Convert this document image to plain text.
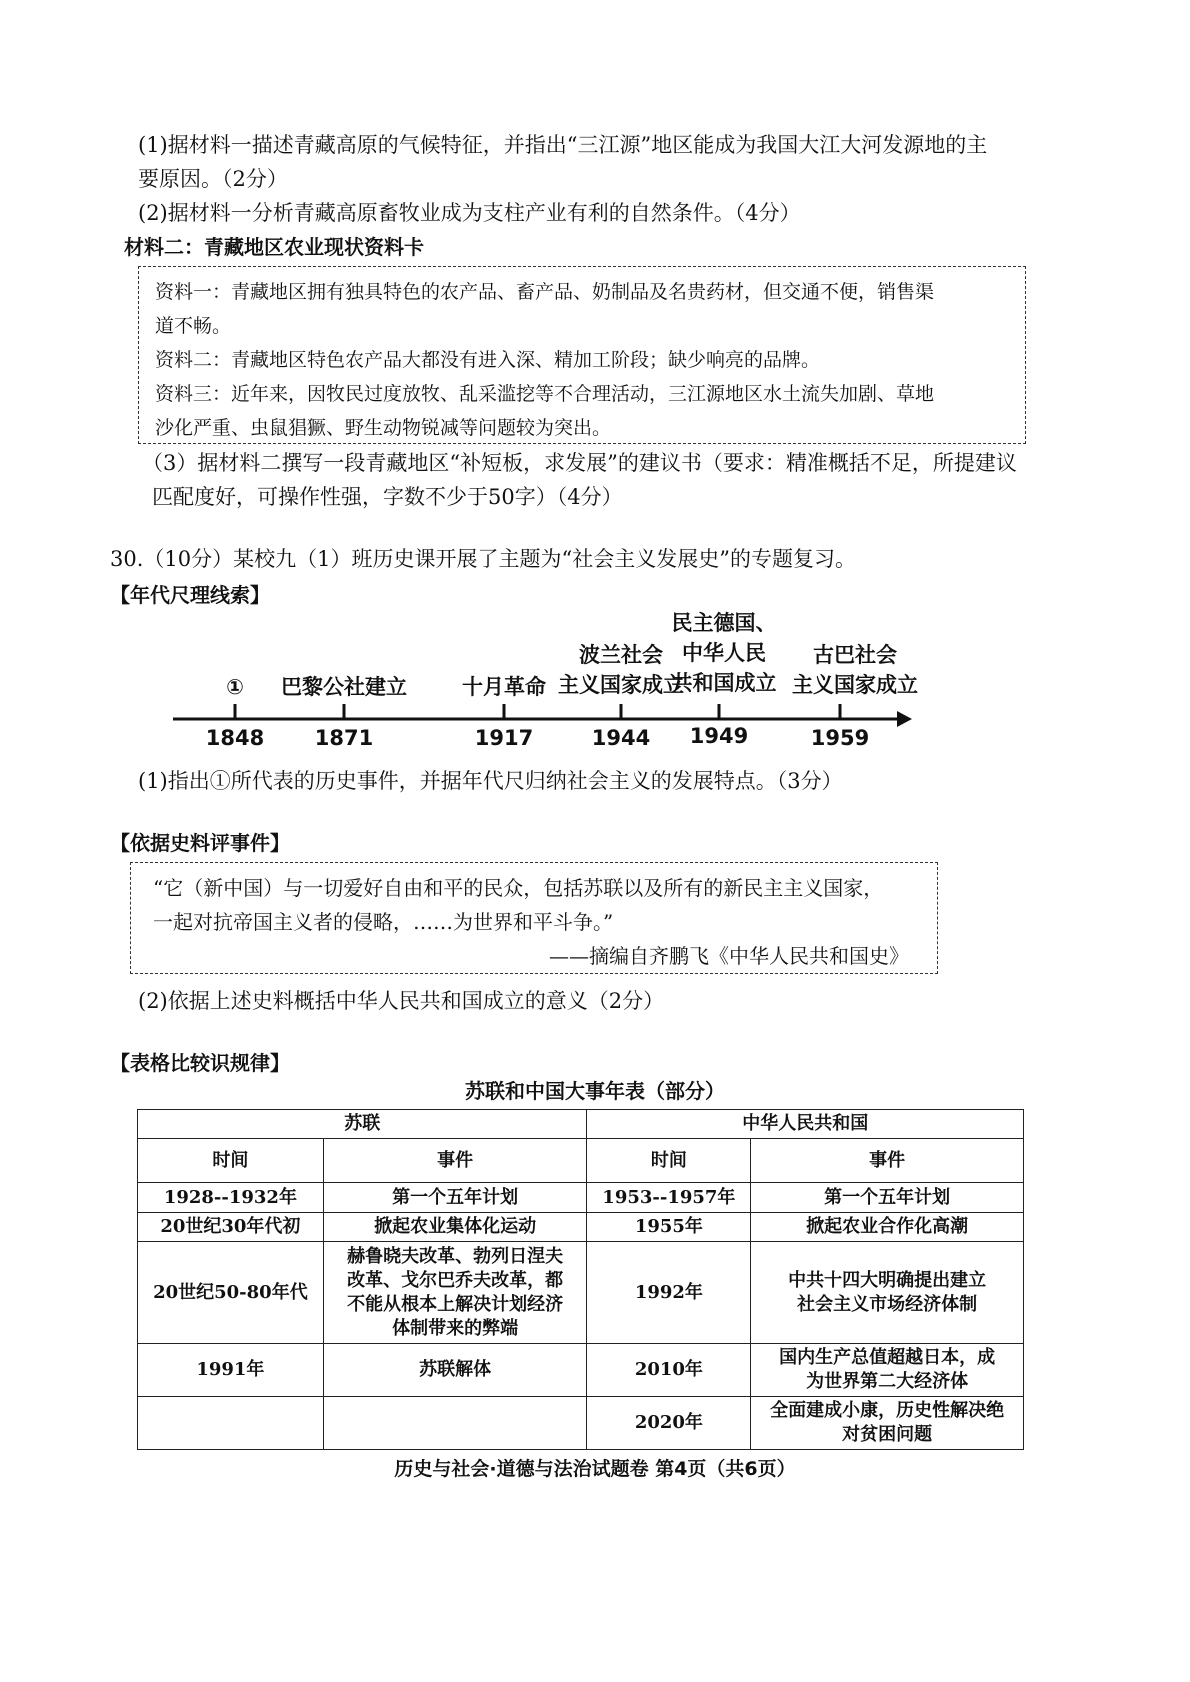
(1)据材料一描述青藏高原的气候特征，并指出“三江源”地区能成为我国大江大河发源地的主
要原因。（2分）
(2)据材料一分析青藏高原畜牧业成为支柱产业有利的自然条件。（4分）
材料二：青藏地区农业现状资料卡

资料一：青藏地区拥有独具特色的农产品、畜产品、奶制品及名贵药材，但交通不便，销售渠

道不畅。

资料二：青藏地区特色农产品大都没有进入深、精加工阶段；缺少响亮的品牌。

资料三：近年来，因牧民过度放牧、乱采滥挖等不合理活动，三江源地区水土流失加剧、草地

沙化严重、虫鼠猖獗、野生动物锐减等问题较为突出。

（3）据材料二撰写一段青藏地区“补短板，求发展”的建议书（要求：精准概括不足，所提建议
匹配度好，可操作性强，字数不少于50字）（4分）
30.（10分）某校九（1）班历史课开展了主题为“社会主义发展史”的专题复习。
【年代尺理线索】
①	巴黎公社建立	十月革命
波兰社会
主义国家成立
民主德国、
中华人民
共和国成立
古巴社会
主义国家成立
1848	1871	1917	1944	1949	1959
(1)指出①所代表的历史事件，并据年代尺归纳社会主义的发展特点。（3分）
【依据史料评事件】

“它（新中国）与一切爱好自由和平的民众，包括苏联以及所有的新民主主义国家，

一起对抗帝国主义者的侵略，……为世界和平斗争。”

——摘编自齐鹏飞《中华人民共和国史》

(2)依据上述史料概括中华人民共和国成立的意义（2分）
【表格比较识规律】
苏联和中国大事年表（部分）
苏联		中华人民共和国	
时间	事件	时间	事件
1928--1932年	第一个五年计划	1953--1957年	第一个五年计划
20世纪30年代初	掀起农业集体化运动	1955年	掀起农业合作化高潮
20世纪50-80年代	赫鲁晓夫改革、勃列日涅夫改革、戈尔巴乔夫改革，都不能从根本上解决计划经济体制带来的弊端	1992年	中共十四大明确提出建立社会主义市场经济体制
1991年	苏联解体	2010年	国内生产总值超越日本，成为世界第二大经济体
		2020年	全面建成小康，历史性解决绝对贫困问题
历史与社会·道德与法治试题卷 第4页（共6页）
